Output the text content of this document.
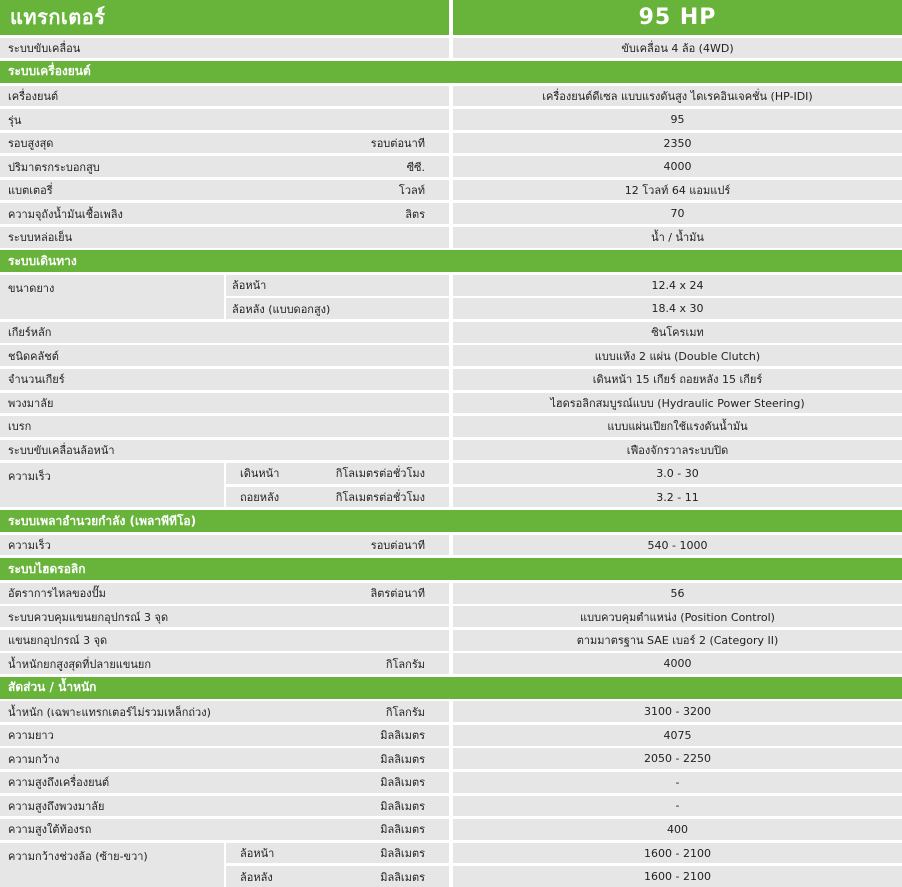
แทรกเตอร์	95 HP
ระบบขับเคลื่อน	ขับเคลื่อน 4 ล้อ (4WD)
ระบบเครื่องยนต์
เครื่องยนต์	เครื่องยนต์ดีเซล แบบแรงดันสูง ไดเรคอินเจคชั่น (HP-IDI)
รุ่น	95
รอบสูงสุด	รอบต่อนาที	2350
ปริมาตรกระบอกสูบ	ซีซี.	4000
แบตเตอรี่	โวลท์	12 โวลท์ 64 แอมแปร์
ความจุถังน้ำมันเชื้อเพลิง	ลิตร	70
ระบบหล่อเย็น	น้ำ / น้ำมัน
ระบบเดินทาง
ขนาดยาง	ล้อหน้า	12.4 x 24
ล้อหลัง (แบบดอกสูง)	18.4 x 30
เกียร์หลัก	ซินโครเมท
ชนิดคลัชต์	แบบแห้ง 2 แผ่น (Double Clutch)
จำนวนเกียร์	เดินหน้า 15 เกียร์ ถอยหลัง 15 เกียร์
พวงมาลัย	ไฮดรอลิกสมบูรณ์แบบ (Hydraulic Power Steering)
เบรก	แบบแผ่นเปียกใช้แรงดันน้ำมัน
ระบบขับเคลื่อนล้อหน้า	เฟืองจักรวาลระบบปิด
ความเร็ว	เดินหน้า	กิโลเมตรต่อชั่วโมง	3.0 - 30
ถอยหลัง	กิโลเมตรต่อชั่วโมง	3.2 - 11
ระบบเพลาอำนวยกำลัง (เพลาพีทีโอ)
ความเร็ว	รอบต่อนาที	540 - 1000
ระบบไฮดรอลิก
อัตราการไหลของปั๊ม	ลิตรต่อนาที	56
ระบบควบคุมแขนยกอุปกรณ์ 3 จุด	แบบควบคุมตำแหน่ง (Position Control)
แขนยกอุปกรณ์ 3 จุด	ตามมาตรฐาน SAE เบอร์ 2 (Category II)
น้ำหนักยกสูงสุดที่ปลายแขนยก	กิโลกรัม	4000
สัดส่วน / น้ำหนัก
น้ำหนัก (เฉพาะแทรกเตอร์ไม่รวมเหล็กถ่วง)	กิโลกรัม	3100 - 3200
ความยาว	มิลลิเมตร	4075
ความกว้าง	มิลลิเมตร	2050 - 2250
ความสูงถึงเครื่องยนต์	มิลลิเมตร	-
ความสูงถึงพวงมาลัย	มิลลิเมตร	-
ความสูงใต้ท้องรถ	มิลลิเมตร	400
ความกว้างช่วงล้อ (ซ้าย-ขวา)	ล้อหน้า	มิลลิเมตร	1600 - 2100
ล้อหลัง	มิลลิเมตร	1600 - 2100
